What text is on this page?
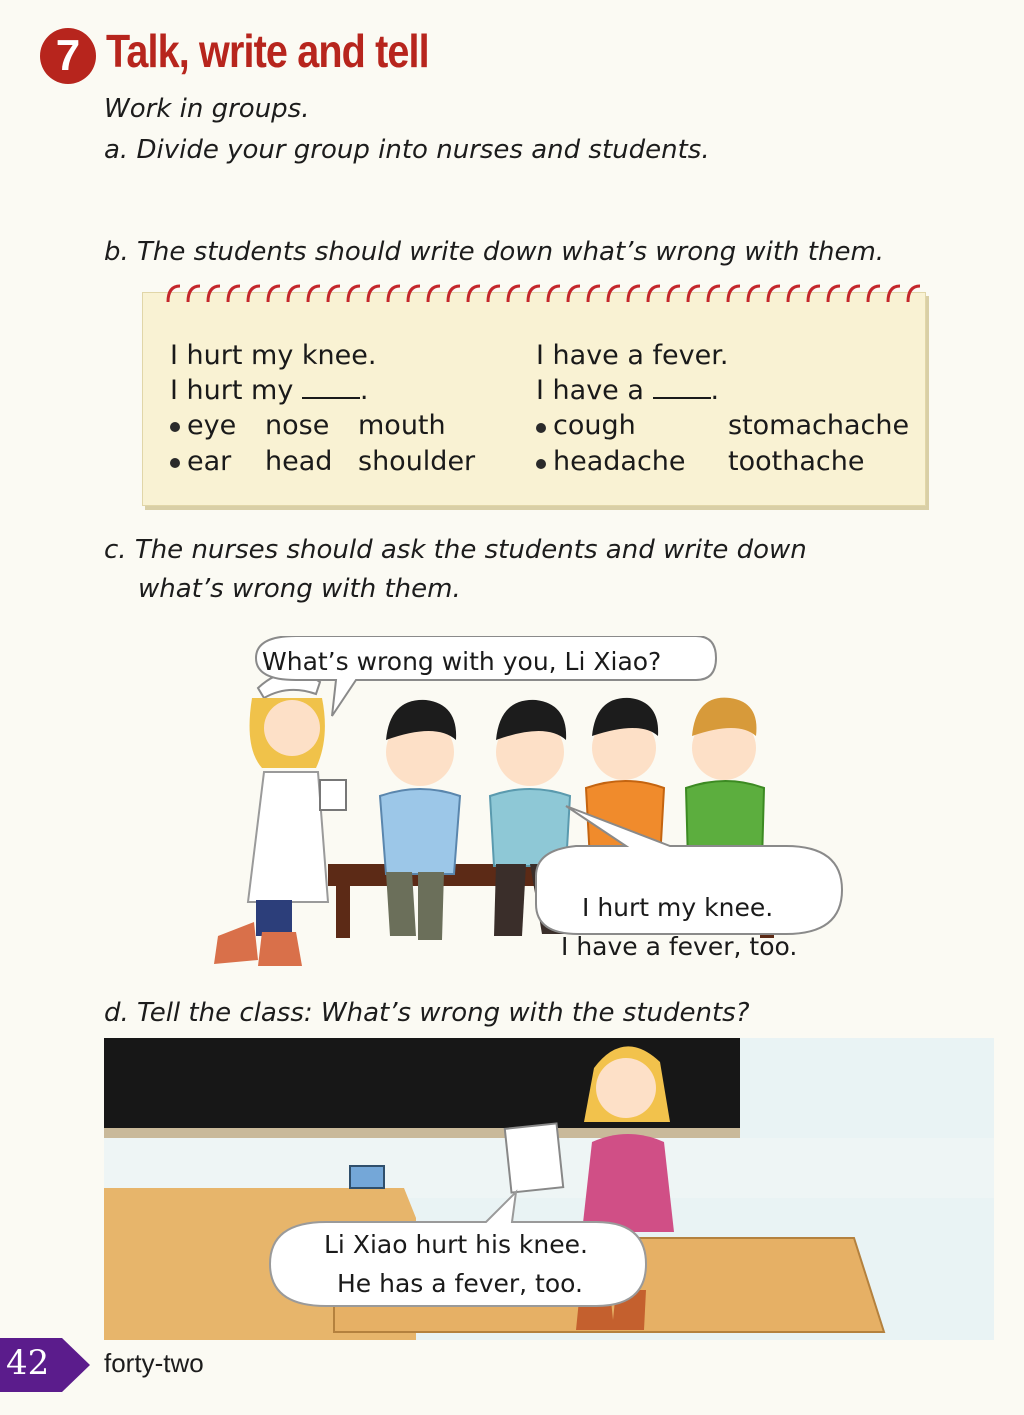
7 Talk, write and tell
Work in groups.
a. Divide your group into nurses and students.
b. The students should write down what’s wrong with them.
I hurt my knee.
I hurt my .
eye nose mouth
ear head shoulder
I have a fever.
I have a .
cough	stomachache
headache toothache
c. The nurses should ask the students and write down
what’s wrong with them.
What’s wrong with you, Li Xiao?
I hurt my knee.
I have a fever, too.
d. Tell the class: What’s wrong with the students?
Li Xiao hurt his knee.
He has a fever, too.
42 forty-two
